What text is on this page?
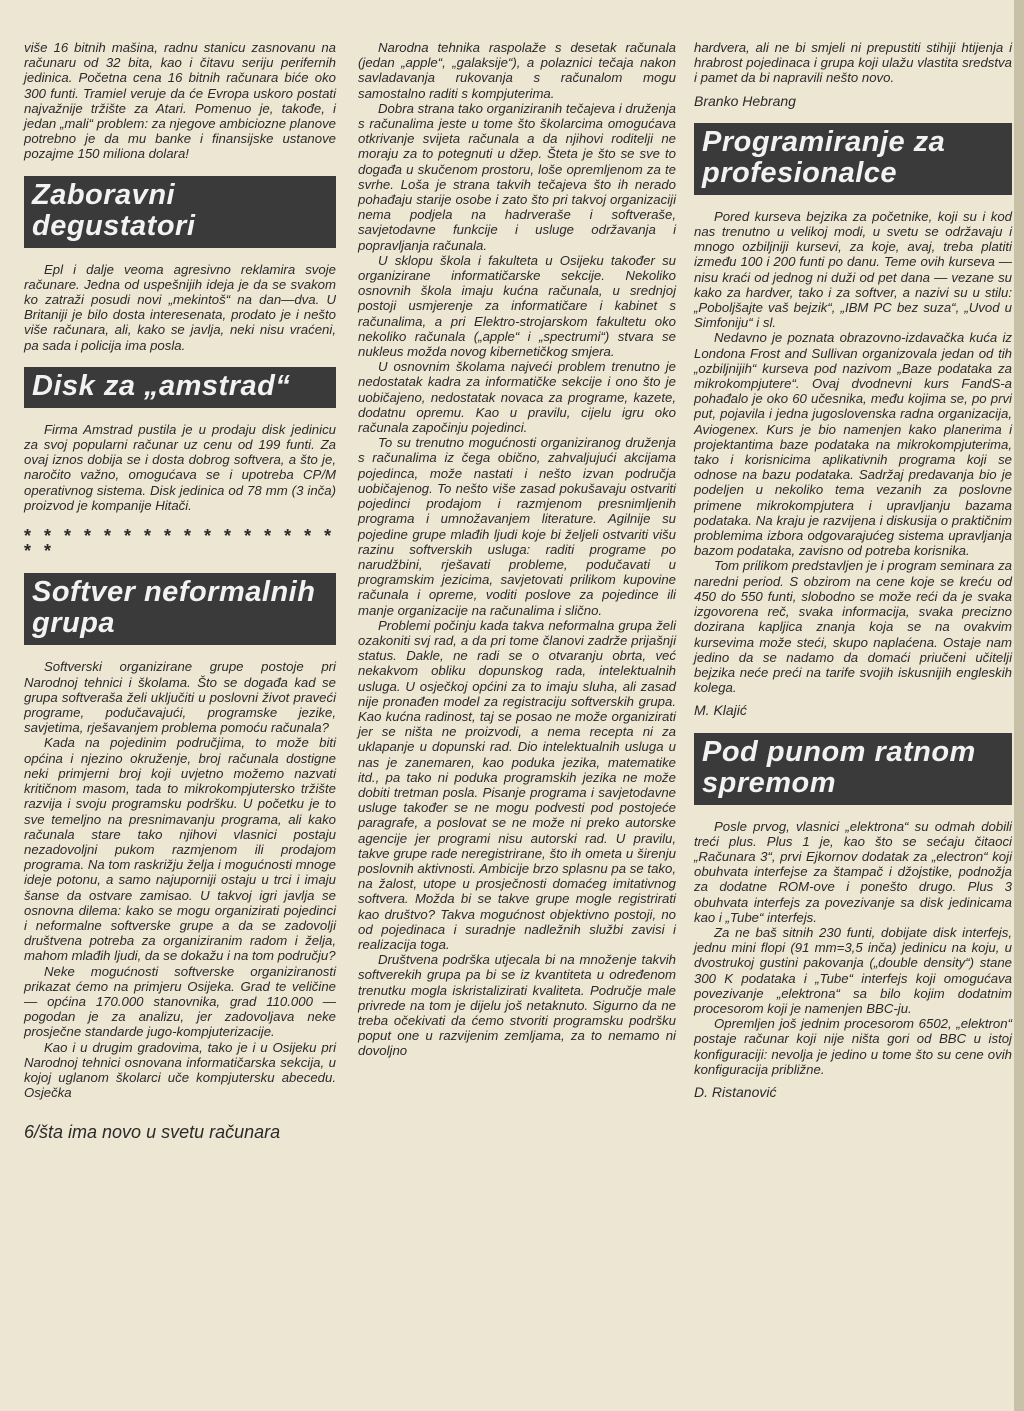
više 16 bitnih mašina, radnu stanicu zasnovanu na računaru od 32 bita, kao i čitavu seriju perifernih jedinica. Početna cena 16 bitnih računara biće oko 300 funti. Tramiel veruje da će Evropa uskoro postati najvažnije tržište za Atari. Pomenuo je, takođe, i jedan „mali“ problem: za njegove ambiciozne planove potrebno je da mu banke i finansijske ustanove pozajme 150 miliona dolara!

Zaboravni degustatori

Epl i dalje veoma agresivno reklamira svoje računare. Jedna od uspešnijih ideja je da se svakom ko zatraži posudi novi „mekintoš“ na dan—dva. U Britaniji je bilo dosta interesenata, prodato je i nešto više računara, ali, kako se javlja, neki nisu vraćeni, pa sada i policija ima posla.

Disk za „amstrad“

Firma Amstrad pustila je u prodaju disk jedinicu za svoj popularni računar uz cenu od 199 funti. Za ovaj iznos dobija se i dosta dobrog softvera, a što je, naročito važno, omogućava se i upotreba CP/M operativnog sistema. Disk jedinica od 78 mm (3 inča) proizvod je kompanije Hitači.

* * * * * * * * * * * * * * * * * *
Softver neformalnih grupa

Softverski organizirane grupe postoje pri Narodnoj tehnici i školama. Što se događa kad se grupa softveraša želi uključiti u poslovni život praveći programe, podučavajući, programske jezike, savjetima, rješavanjem problema pomoću računala?

Kada na pojedinim područjima, to može biti općina i njezino okruženje, broj računala dostigne neki primjerni broj koji uvjetno možemo nazvati kritičnom masom, tada to mikrokompjutersko tržište razvija i svoju programsku podršku. U početku je to sve temeljno na presnimavanju programa, ali kako računala stare tako njihovi vlasnici postaju nezadovoljni pukom razmjenom ili prodajom programa. Na tom raskrižju želja i mogućnosti mnoge ideje potonu, a samo najuporniji ostaju u trci i imaju šanse da ostvare zamisao. U takvoj igri javlja se osnovna dilema: kako se mogu organizirati pojedinci i neformalne softverske grupe a da se zadovolji društvena potreba za organiziranim radom i želja, mahom mlađih ljudi, da se dokažu i na tom području?

Neke mogućnosti softverske organiziranosti prikazat ćemo na primjeru Osijeka. Grad te veličine — općina 170.000 stanovnika, grad 110.000 — pogodan je za analizu, jer zadovoljava neke prosječne standarde jugo-kompjuterizacije.

Kao i u drugim gradovima, tako je i u Osijeku pri Narodnoj tehnici osnovana informatičarska sekcija, u kojoj uglanom školarci uče kompjutersku abecedu. Osječka

6/šta ima novo u svetu računara

Narodna tehnika raspolaže s desetak računala (jedan „apple“, „galaksije“), a polaznici tečaja nakon savladavanja rukovanja s računalom mogu samostalno raditi s kompjuterima.

Dobra strana tako organiziranih tečajeva i druženja s računalima jeste u tome što školarcima omogućava otkrivanje svijeta računala a da njihovi roditelji ne moraju za to potegnuti u džep. Šteta je što se sve to događa u skučenom prostoru, loše opremljenom za te svrhe. Loša je strana takvih tečajeva što ih nerado pohađaju starije osobe i zato što pri takvoj organizaciji nema podjela na hadrveraše i softveraše, savjetodavne funkcije i usluge održavanja i popravljanja računala.

U sklopu škola i fakulteta u Osijeku također su organizirane informatičarske sekcije. Nekoliko osnovnih škola imaju kućna računala, u srednjoj postoji usmjerenje za informatičare i kabinet s računalima, a pri Elektro-strojarskom fakultetu oko nekoliko računala („apple“ i „spectrumi“) stvara se nukleus možda novog kibernetičkog smjera.

U osnovnim školama najveći problem trenutno je nedostatak kadra za informatičke sekcije i ono što je uobičajeno, nedostatak novaca za programe, kazete, dodatnu opremu. Kao u pravilu, cijelu igru oko računala započinju pojedinci.

To su trenutno mogućnosti organiziranog druženja s računalima iz čega obično, zahvaljujući akcijama pojedinca, može nastati i nešto izvan područja uobičajenog. To nešto više zasad pokušavaju ostvariti pojedinci prodajom i razmjenom presnimljenih programa i umnožavanjem literature. Agilnije su pojedine grupe mlađih ljudi koje bi željeli ostvariti višu razinu softverskih usluga: raditi programe po narudžbini, rješavati probleme, podučavati u programskim jezicima, savjetovati prilikom kupovine računala i opreme, voditi poslove za pojedince ili manje organizacije na računalima i slično.

Problemi počinju kada takva neformalna grupa želi ozakoniti svj rad, a da pri tome članovi zadrže prijašnji status. Dakle, ne radi se o otvaranju obrta, već nekakvom obliku dopunskog rada, intelektualnih usluga. U osječkoj općini za to imaju sluha, ali zasad nije pronađen model za registraciju softverskih grupa. Kao kućna radinost, taj se posao ne može organizirati jer se ništa ne proizvodi, a nema recepta ni za uklapanje u dopunski rad. Dio intelektualnih usluga u nas je zanemaren, kao poduka jezika, matematike itd., pa tako ni poduka programskih jezika ne može dobiti tretman posla. Pisanje programa i savjetodavne usluge također se ne mogu podvesti pod postojeće paragrafe, a poslovat se ne može ni preko autorske agencije jer programi nisu autorski rad. U pravilu, takve grupe rade neregistrirane, što ih ometa u širenju poslovnih aktivnosti. Ambicije brzo splasnu pa se tako, na žalost, utope u prosječnosti domaćeg imitativnog softvera. Možda bi se takve grupe mogle registrirati kao društvo? Takva mogućnost objektivno postoji, no od pojedinaca i suradnje nadležnih službi zavisi i realizacija toga.

Društvena podrška utjecala bi na množenje takvih softverekih grupa pa bi se iz kvantiteta u određenom trenutku mogla iskristalizirati kvaliteta. Područje male privrede na tom je dijelu još netaknuto. Sigurno da ne treba očekivati da ćemo stvoriti programsku podršku poput one u razvijenim zemljama, za to nemamo ni dovoljno

hardvera, ali ne bi smjeli ni prepustiti stihiji htijenja i hrabrost pojedinaca i grupa koji ulažu vlastita sredstva i pamet da bi napravili nešto novo.

Branko Hebrang
Programiranje za profesionalce

Pored kurseva bejzika za početnike, koji su i kod nas trenutno u velikoj modi, u svetu se održavaju i mnogo ozbiljniji kursevi, za koje, avaj, treba platiti između 100 i 200 funti po danu. Teme ovih kurseva — nisu kraći od jednog ni duži od pet dana — vezane su kako za hardver, tako i za softver, a nazivi su u stilu: „Poboljšajte vaš bejzik“, „IBM PC bez suza“, „Uvod u Simfoniju“ i sl.

Nedavno je poznata obrazovno-izdavačka kuća iz Londona Frost and Sullivan organizovala jedan od tih „ozbiljnijih“ kurseva pod nazivom „Baze podataka za mikrokompjutere“. Ovaj dvodnevni kurs FandS-a pohađalo je oko 60 učesnika, među kojima se, po prvi put, pojavila i jedna jugoslovenska radna organizacija, Aviogenex. Kurs je bio namenjen kako planerima i projektantima baze podataka na mikrokompjuterima, tako i korisnicima aplikativnih programa koji se odnose na bazu podataka. Sadržaj predavanja bio je podeljen u nekoliko tema vezanih za poslovne primene mikrokompjutera i upravljanju bazama podataka. Na kraju je razvijena i diskusija o praktičnim problemima izbora odgovarajućeg sistema upravljanja bazom podataka, zavisno od potreba korisnika.

Tom prilikom predstavljen je i program seminara za naredni period. S obzirom na cene koje se kreću od 450 do 550 funti, slobodno se može reći da je svaka izgovorena reč, svaka informacija, svaka precizno dozirana kapljica znanja koja se na ovakvim kursevima može steći, skupo naplaćena. Ostaje nam jedino da se nadamo da domaći priučeni učitelji bejzika neće preći na tarife svojih iskusnijih engleskih kolega.

M. Klajić
Pod punom ratnom spremom

Posle prvog, vlasnici „elektrona“ su odmah dobili treći plus. Plus 1 je, kao što se sećaju čitaoci „Računara 3“, prvi Ejkornov dodatak za „electron“ koji obuhvata interfejse za štampač i džojstike, podnožja za dodatne ROM-ove i ponešto drugo. Plus 3 obuhvata interfejs za povezivanje sa disk jedinicama kao i „Tube“ interfejs.

Za ne baš sitnih 230 funti, dobijate disk interfejs, jednu mini flopi (91 mm=3,5 inča) jedinicu na koju, u dvostrukoj gustini pakovanja („double density“) stane 300 K podataka i „Tube“ interfejs koji omogućava povezivanje „elektrona“ sa bilo kojim dodatnim procesorom koji je namenjen BBC-ju.

Opremljen još jednim procesorom 6502, „elektron“ postaje računar koji nije ništa gori od BBC u istoj konfiguraciji: nevolja je jedino u tome što su cene ovih konfiguracija približne.

D. Ristanović
